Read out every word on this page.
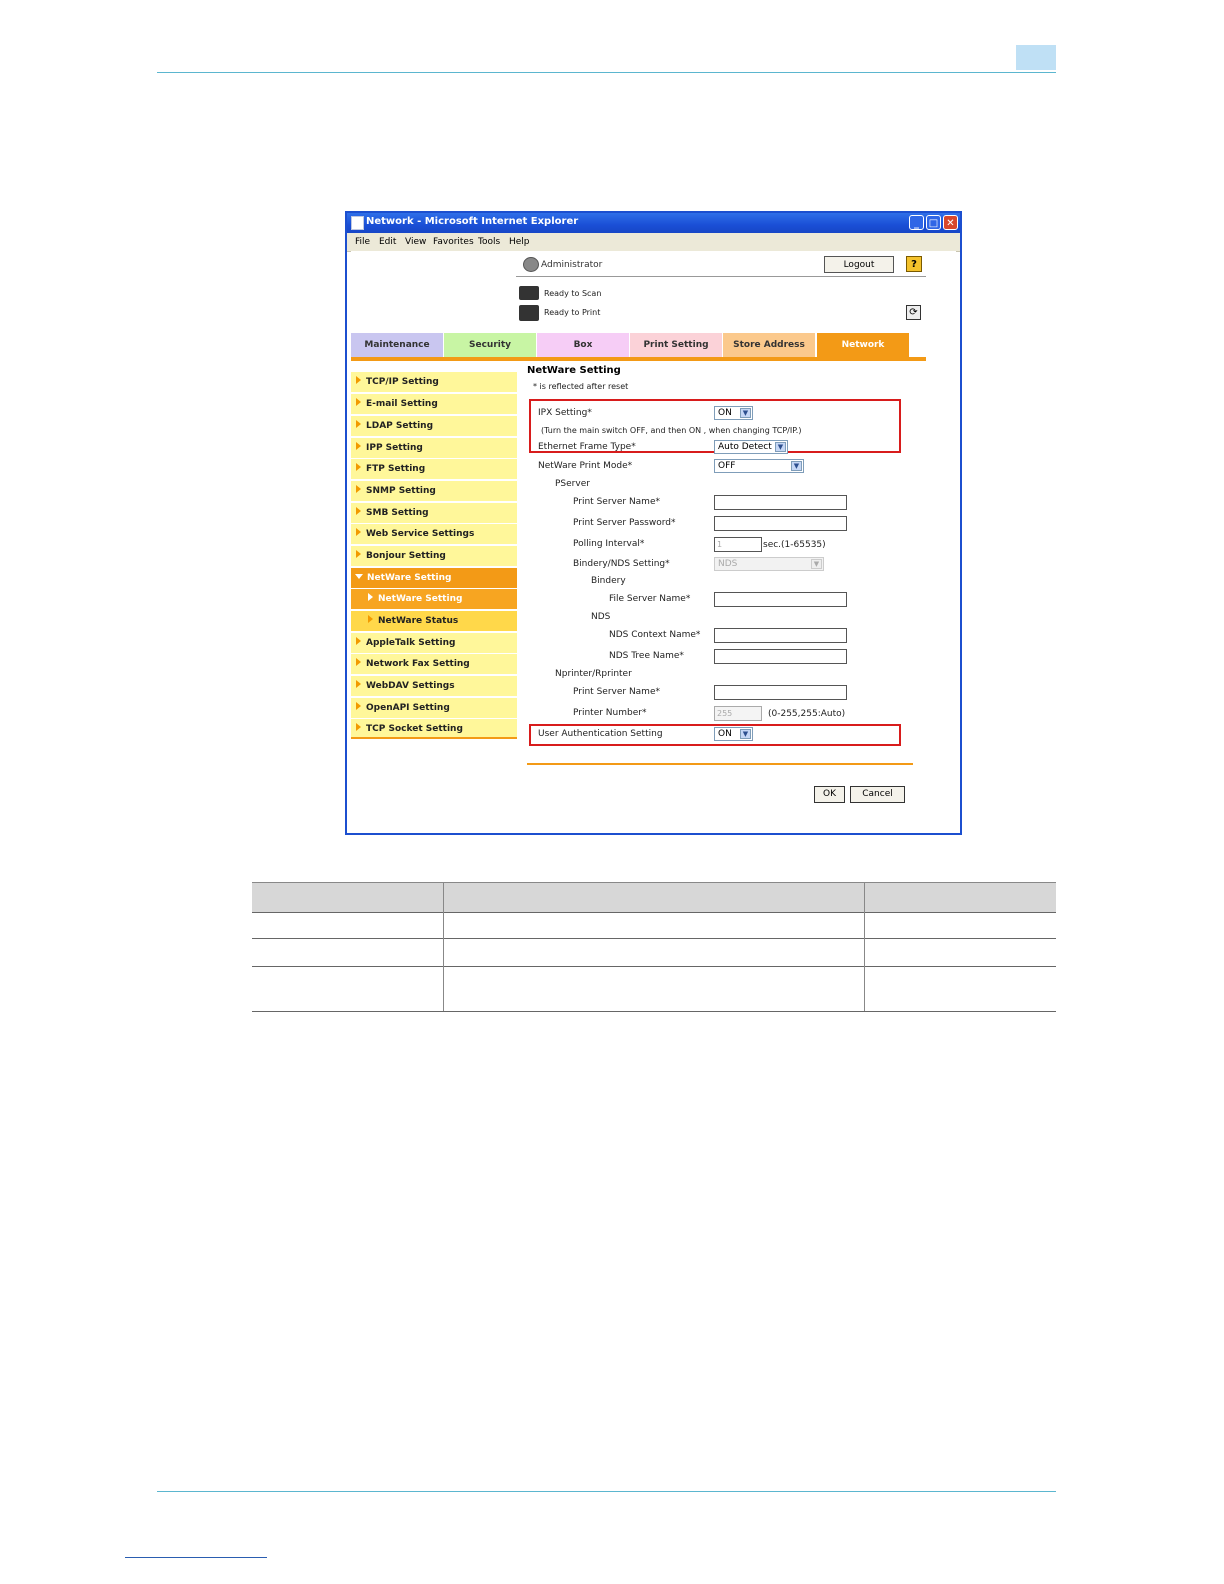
Network - Microsoft Internet Explorer	_ □ ✕
File Edit View Favorites Tools Help
Administrator	Logout	?
Ready to Scan
Ready to Print	⟳
Maintenance	Security	Box	Print Setting	Store Address	Network
TCP/IP Setting
E-mail Setting
LDAP Setting
IPP Setting
FTP Setting
SNMP Setting
SMB Setting
Web Service Settings
Bonjour Setting
NetWare Setting
NetWare Setting
NetWare Status
AppleTalk Setting
Network Fax Setting
WebDAV Settings
OpenAPI Setting
TCP Socket Setting
NetWare Setting
* is reflected after reset
IPX Setting*	ON	▼
(Turn the main switch OFF, and then ON , when changing TCP/IP.)
Ethernet Frame Type*	Auto Detect ▼
NetWare Print Mode*	OFF	▼
PServer
Print Server Name*
Print Server Password*
Polling Interval*	1	sec.(1-65535)
Bindery/NDS Setting*	NDS	▼
Bindery
File Server Name*
NDS
NDS Context Name*
NDS Tree Name*
Nprinter/Rprinter
Print Server Name*
Printer Number*	255	(0-255,255:Auto)
User Authentication Setting	ON	▼
OK	Cancel
